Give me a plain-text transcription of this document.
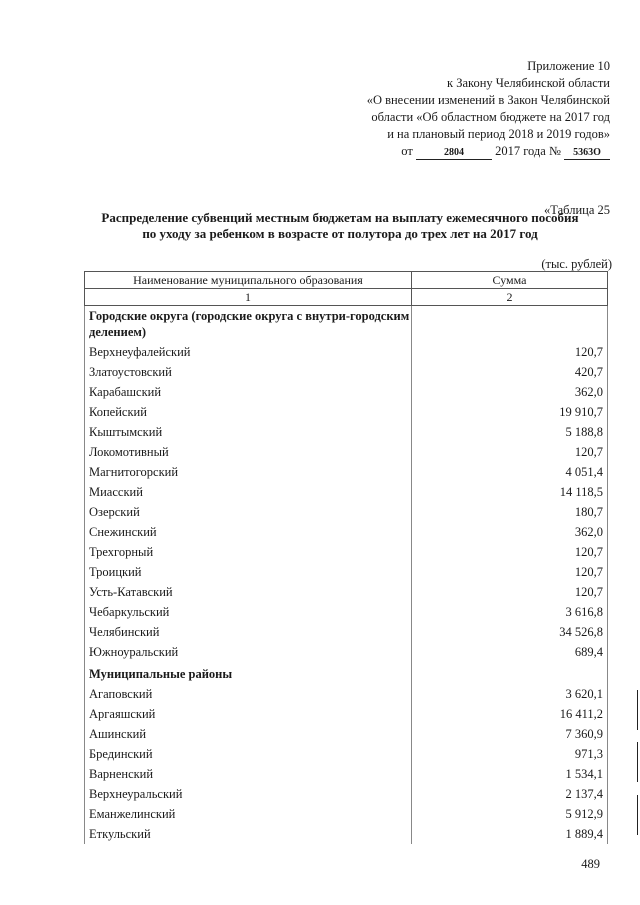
Приложение 10
к Закону Челябинской области
«О внесении изменений в Закон Челябинской
области «Об областном бюджете на 2017 год
и на плановый период 2018 и 2019 годов»
от	2804 2017 года № 5363О
«Таблица 25
Распределение субвенций местным бюджетам на выплату ежемесячного пособия
по уходу за ребенком в возрасте от полутора до трех лет на 2017 год
(тыс. рублей)
Наименование муниципального образования	Сумма
1	2
Городские округа (городские округа с внутри-городским делением)	
Верхнеуфалейский	120,7
Златоустовский	420,7
Карабашский	362,0
Копейский	19 910,7
Кыштымский	5 188,8
Локомотивный	120,7
Магнитогорский	4 051,4
Миасский	14 118,5
Озерский	180,7
Снежинский	362,0
Трехгорный	120,7
Троицкий	120,7
Усть-Катавский	120,7
Чебаркульский	3 616,8
Челябинский	34 526,8
Южноуральский	689,4
Муниципальные районы	
Агаповский	3 620,1
Аргаяшский	16 411,2
Ашинский	7 360,9
Брединский	971,3
Варненский	1 534,1
Верхнеуральский	2 137,4
Еманжелинский	5 912,9
Еткульский	1 889,4
489
